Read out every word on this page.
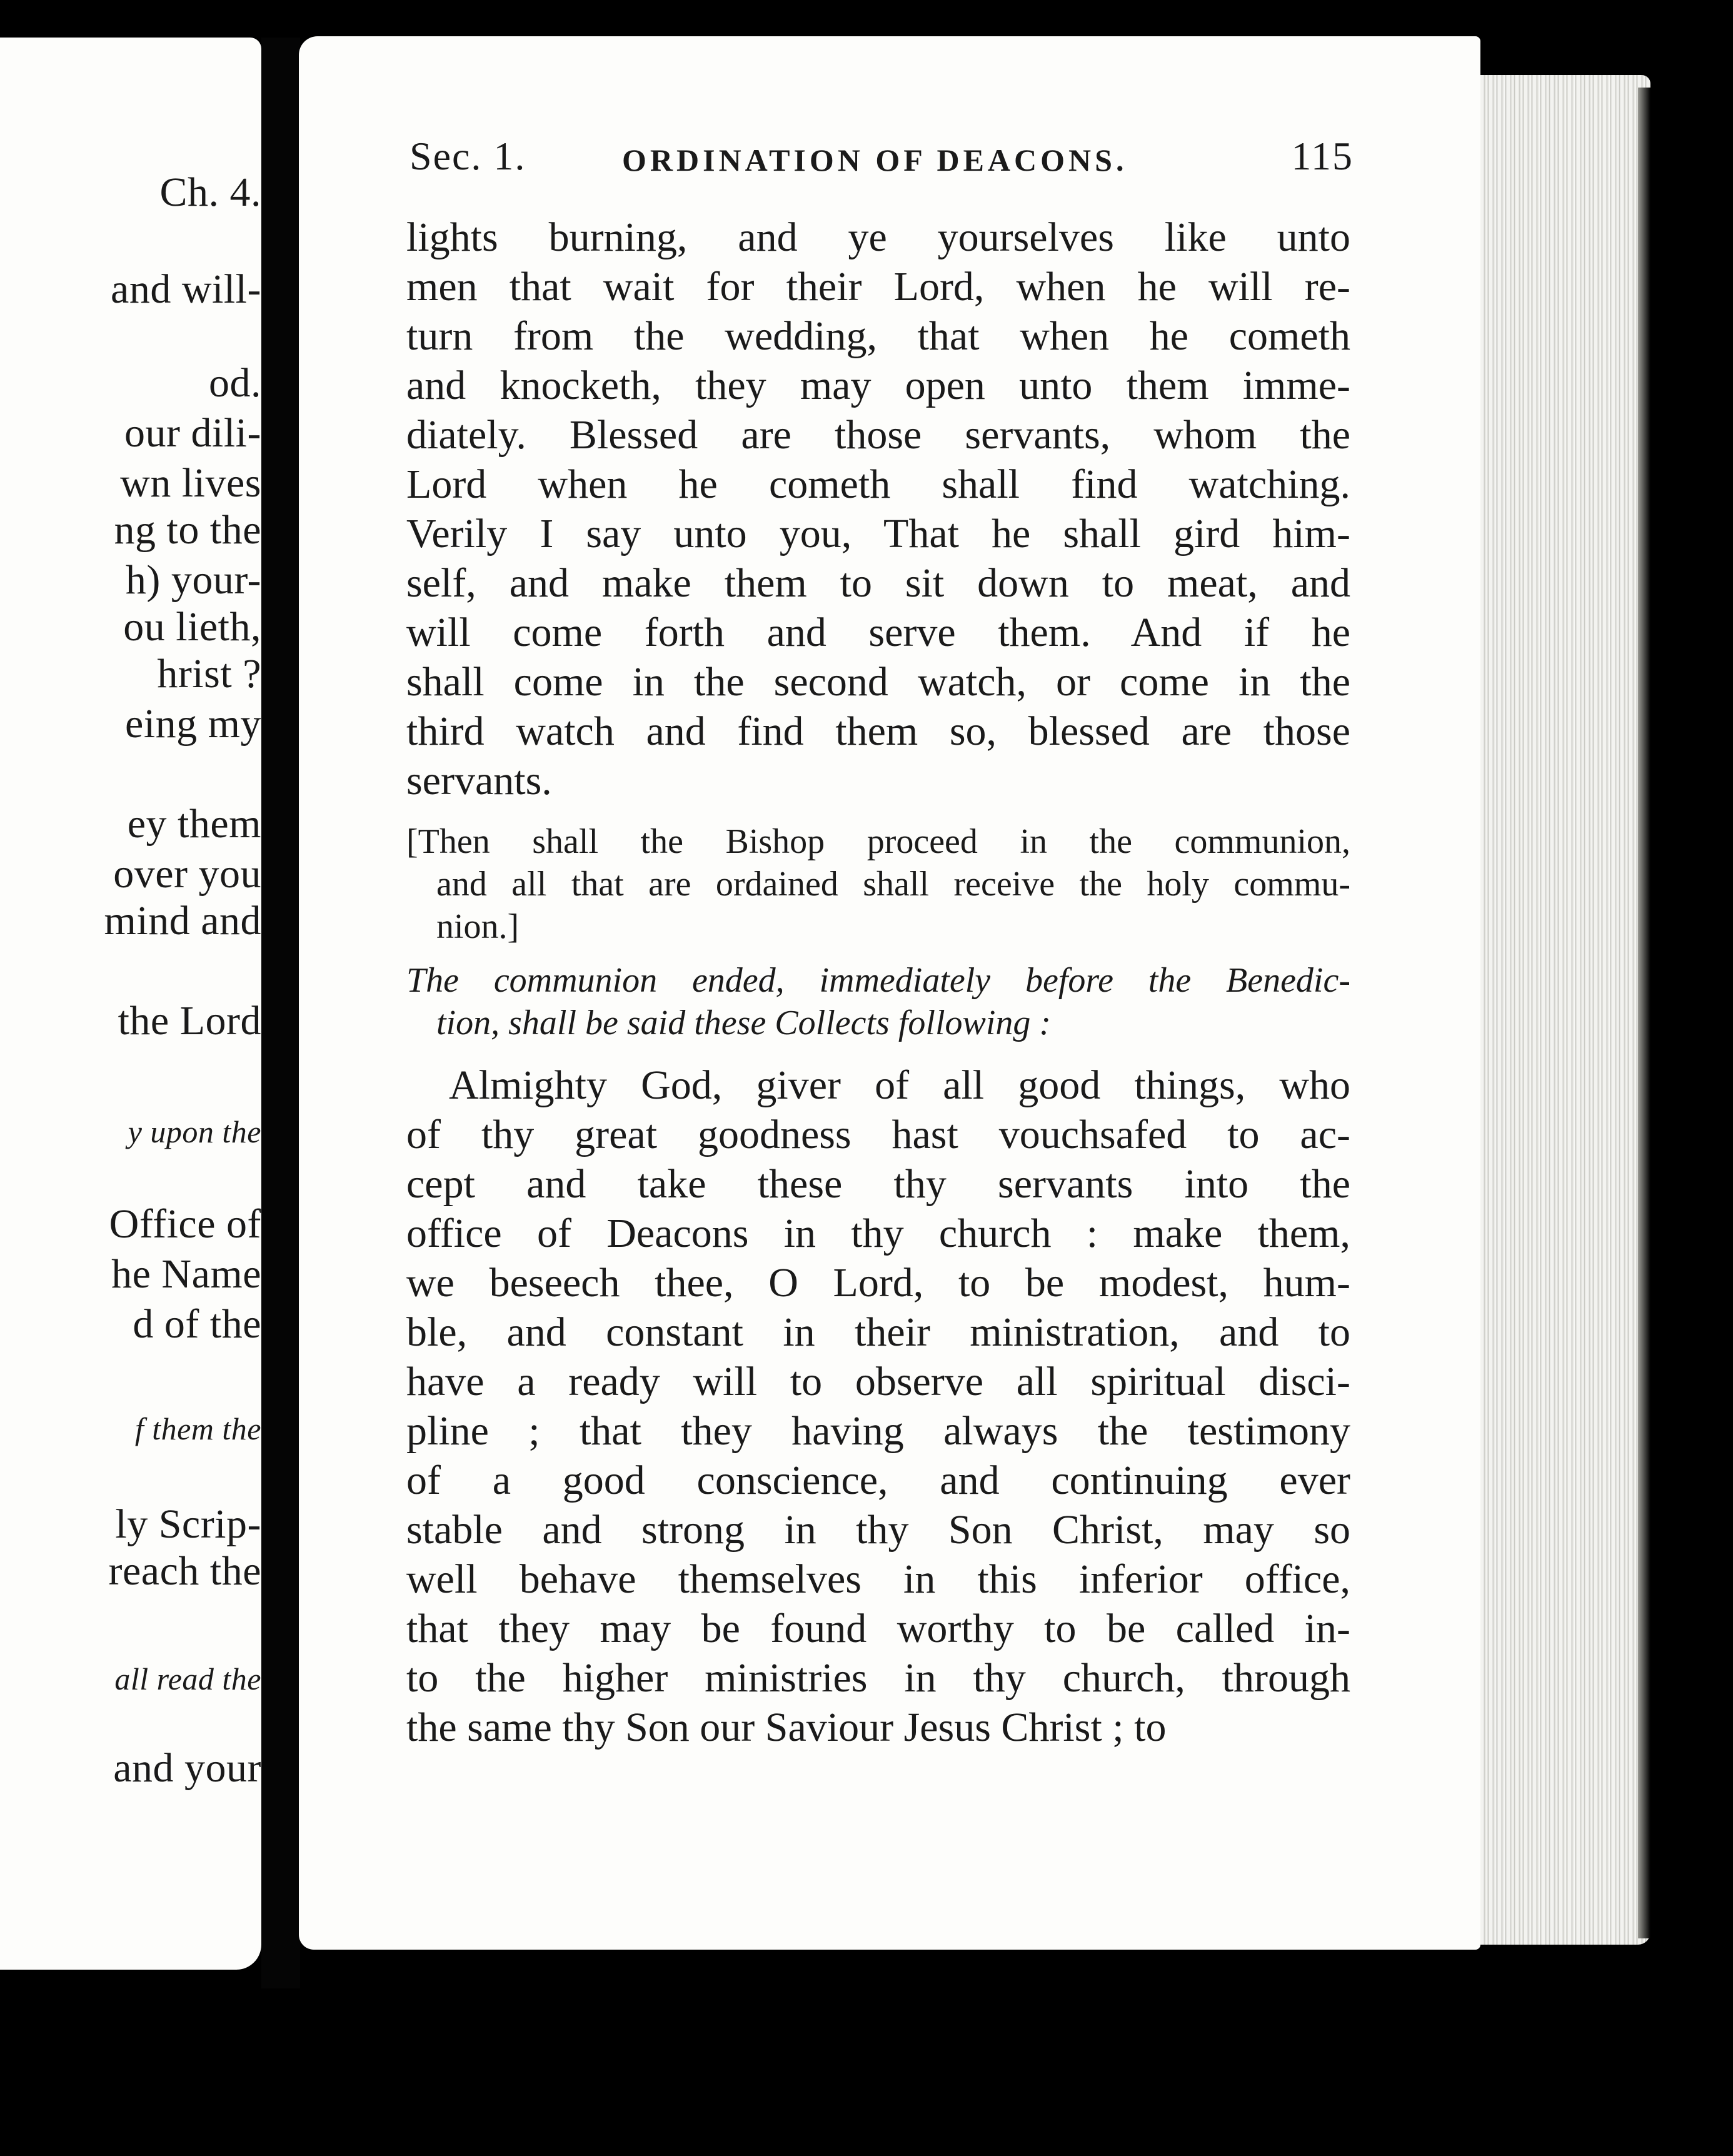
Ch. 4.
and will-
od.
our dili-
wn lives
ng to the
h) your-
ou lieth,
hrist ?
eing my
ey them
over you
mind and
the Lord
y upon the
Office of
he Name
d of the
f them the
ly Scrip-
reach the
all read the
and your
Sec. 1.	ORDINATION OF DEACONS.	115
lights burning, and ye yourselves like unto
men that wait for their Lord, when he will re-
turn from the wedding, that when he cometh
and knocketh, they may open unto them imme-
diately. Blessed are those servants, whom the
Lord when he cometh shall find watching.
Verily I say unto you, That he shall gird him-
self, and make them to sit down to meat, and
will come forth and serve them. And if he
shall come in the second watch, or come in the
third watch and find them so, blessed are those
servants.
[Then shall the Bishop proceed in the communion,
and all that are ordained shall receive the holy commu-
nion.]
The communion ended, immediately before the Benedic-
tion, shall be said these Collects following :
Almighty God, giver of all good things, who
of thy great goodness hast vouchsafed to ac-
cept and take these thy servants into the
office of Deacons in thy church : make them,
we beseech thee, O Lord, to be modest, hum-
ble, and constant in their ministration, and to
have a ready will to observe all spiritual disci-
pline ; that they having always the testimony
of a good conscience, and continuing ever
stable and strong in thy Son Christ, may so
well behave themselves in this inferior office,
that they may be found worthy to be called in-
to the higher ministries in thy church, through
the same thy Son our Saviour Jesus Christ ; to
